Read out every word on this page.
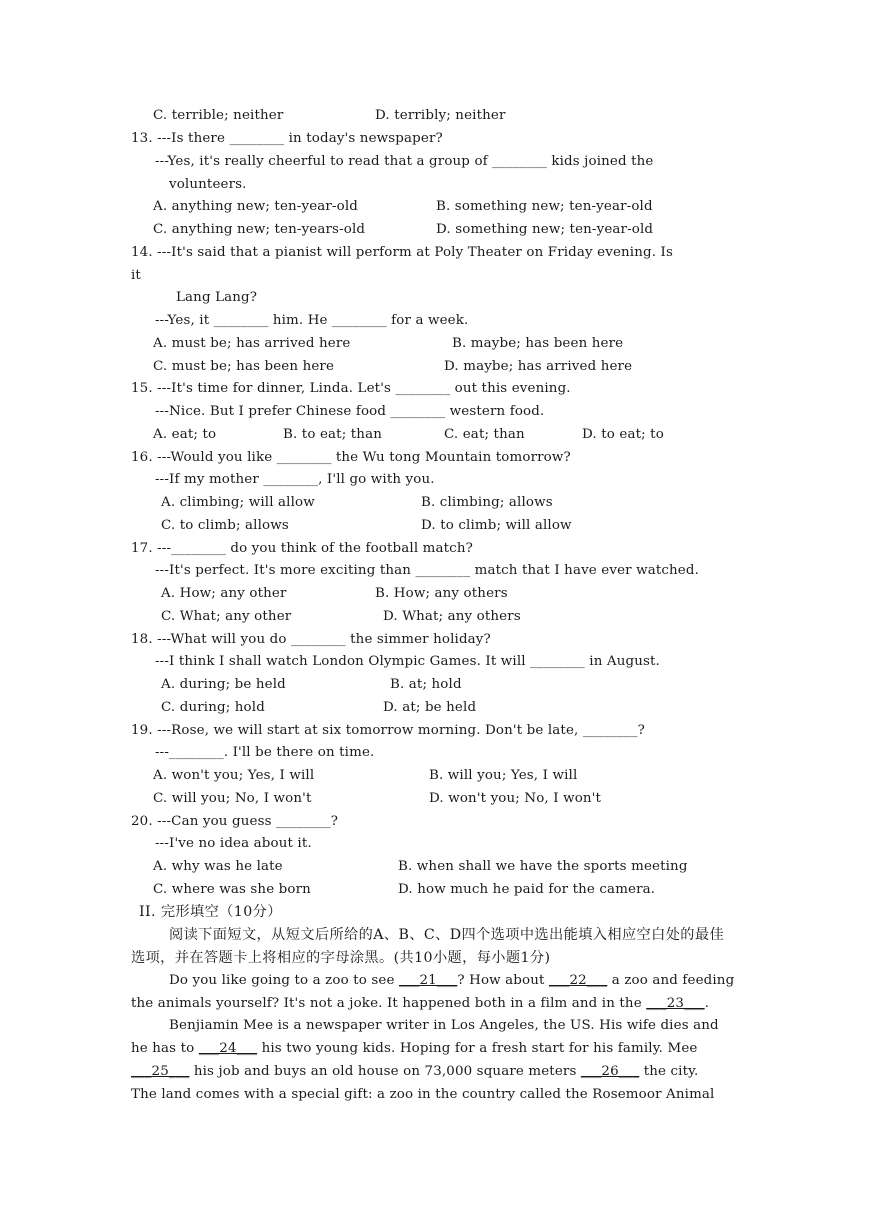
C. terrible; neither	D. terribly; neither
13. ---Is there ________ in today's newspaper?
---Yes, it's really cheerful to read that a group of ________ kids joined the
volunteers.
A. anything new; ten-year-old	B. something new; ten-year-old
C. anything new; ten-years-old	D. something new; ten-year-old
14. ---It's said that a pianist will perform at Poly Theater on Friday evening. Is
it
Lang Lang?
---Yes, it ________ him. He ________ for a week.
A. must be; has arrived here	B. maybe; has been here
C. must be; has been here	D. maybe; has arrived here
15. ---It's time for dinner, Linda. Let's ________ out this evening.
---Nice. But I prefer Chinese food ________ western food.
A. eat; to	B. to eat; than	C. eat; than	D. to eat; to
16. ---Would you like ________ the Wu tong Mountain tomorrow?
---If my mother ________, I'll go with you.
A. climbing; will allow	B. climbing; allows
C. to climb; allows	D. to climb; will allow
17. ---________ do you think of the football match?
---It's perfect. It's more exciting than ________ match that I have ever watched.
A. How; any other	B. How; any others
C. What; any other	D. What; any others
18. ---What will you do ________ the simmer holiday?
---I think I shall watch London Olympic Games. It will ________ in August.
A. during; be held	B. at; hold
C. during; hold	D. at; be held
19. ---Rose, we will start at six tomorrow morning. Don't be late, ________?
---________. I'll be there on time.
A. won't you; Yes, I will	B. will you; Yes, I will
C. will you; No, I won't	D. won't you; No, I won't
20. ---Can you guess ________?
---I've no idea about it.
A. why was he late	B. when shall we have the sports meeting
C. where was she born	D. how much he paid for the camera.
II. 完形填空（10分）
阅读下面短文，从短文后所给的A、B、C、D四个选项中选出能填入相应空白处的最佳
选项，并在答题卡上将相应的字母涂黑。(共10小题，每小题1分)
Do you like going to a zoo to see ___21___? How about ___22___ a zoo and feeding
the animals yourself? It's not a joke. It happened both in a film and in the ___23___.
Benjiamin Mee is a newspaper writer in Los Angeles, the US. His wife dies and
he has to ___24___ his two young kids. Hoping for a fresh start for his family. Mee
___25___ his job and buys an old house on 73,000 square meters ___26___ the city.
The land comes with a special gift: a zoo in the country called the Rosemoor Animal
